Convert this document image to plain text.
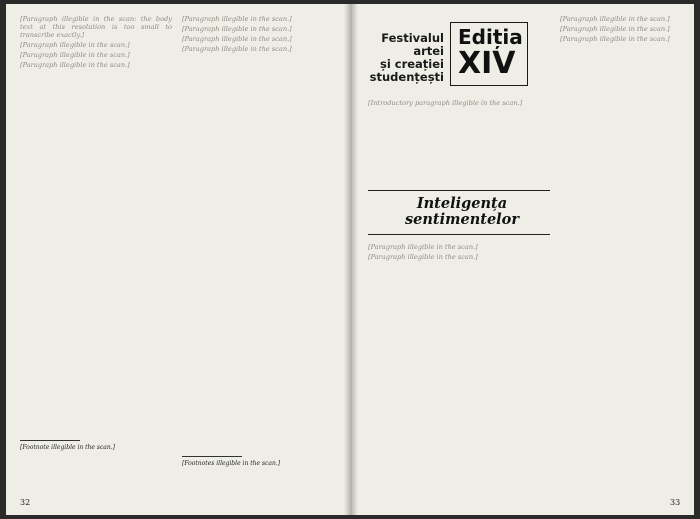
[Paragraph illegible in the scan: the body text at this resolution is too small to transcribe exactly.]

[Paragraph illegible in the scan.]

[Paragraph illegible in the scan.]

[Paragraph illegible in the scan.]

[Footnote illegible in the scan.]

[Paragraph illegible in the scan.]

[Paragraph illegible in the scan.]

[Paragraph illegible in the scan.]

[Paragraph illegible in the scan.]

[Footnotes illegible in the scan.]
32
Festivalul
artei
și creației
studențești
Ediția
XIV

[Introductory paragraph illegible in the scan.]

Inteligența sentimentelor

[Paragraph illegible in the scan.]

[Paragraph illegible in the scan.]

[Paragraph illegible in the scan.]

[Paragraph illegible in the scan.]

[Paragraph illegible in the scan.]

33
